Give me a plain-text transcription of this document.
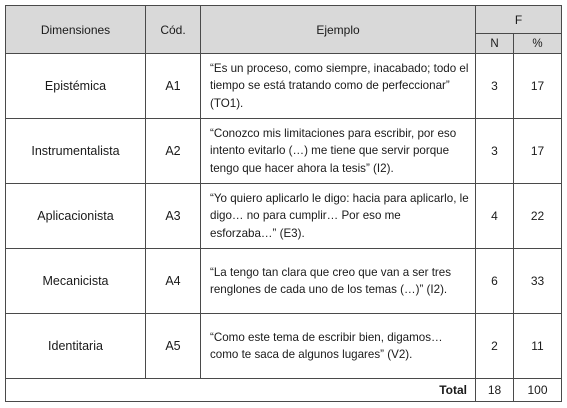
Dimensiones	Cód.	Ejemplo	F	
			N	%
Epistémica	A1	“Es un proceso, como siempre, inacabado; todo el tiempo se está tratando como de perfeccionar” (TO1).	3	17
Instrumentalista	A2	“Conozco mis limitaciones para escribir, por eso intento evitarlo (…) me tiene que servir porque tengo que hacer ahora la tesis” (I2).	3	17
Aplicacionista	A3	“Yo quiero aplicarlo le digo: hacia para aplicarlo, le digo… no para cumplir… Por eso me esforzaba…” (E3).	4	22
Mecanicista	A4	“La tengo tan clara que creo que van a ser tres renglones de cada uno de los temas (…)” (I2).	6	33
Identitaria	A5	“Como este tema de escribir bien, digamos… como te saca de algunos lugares” (V2).	2	11
Total			18	100
